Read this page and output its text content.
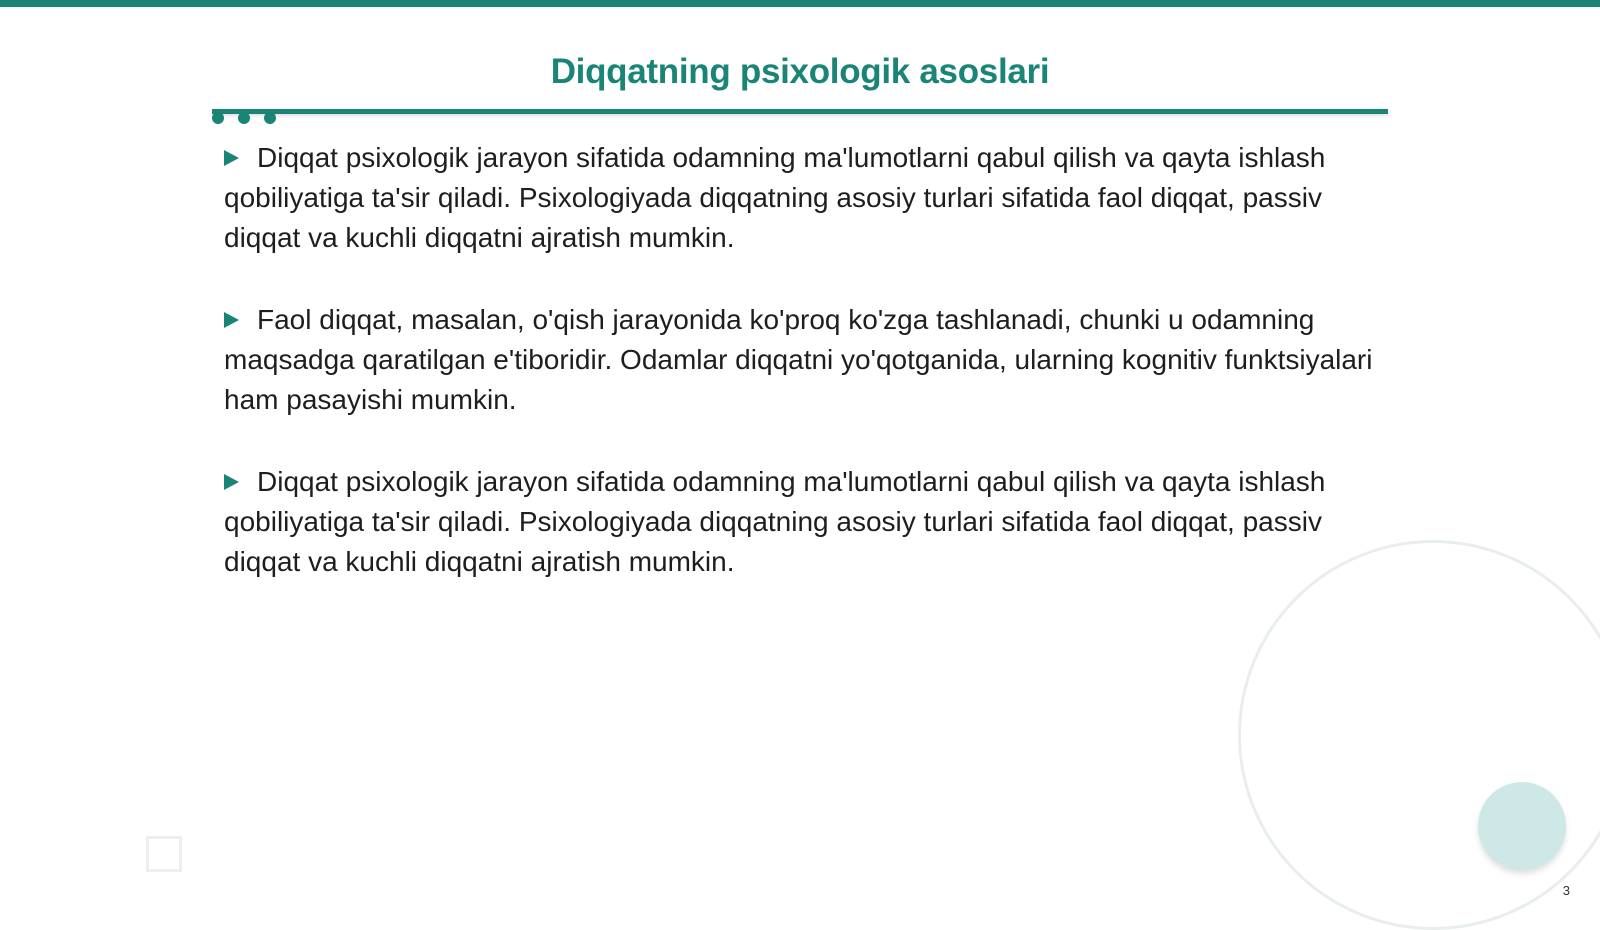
Diqqatning psixologik asoslari
Diqqat psixologik jarayon sifatida odamning ma'lumotlarni qabul qilish va qayta ishlash qobiliyatiga ta'sir qiladi. Psixologiyada diqqatning asosiy turlari sifatida faol diqqat, passiv diqqat va kuchli diqqatni ajratish mumkin.
Faol diqqat, masalan, o'qish jarayonida ko'proq ko'zga tashlanadi, chunki u odamning maqsadga qaratilgan e'tiboridir. Odamlar diqqatni yo'qotganida, ularning kognitiv funktsiyalari ham pasayishi mumkin.
Diqqat psixologik jarayon sifatida odamning ma'lumotlarni qabul qilish va qayta ishlash qobiliyatiga ta'sir qiladi. Psixologiyada diqqatning asosiy turlari sifatida faol diqqat, passiv diqqat va kuchli diqqatni ajratish mumkin.
3
